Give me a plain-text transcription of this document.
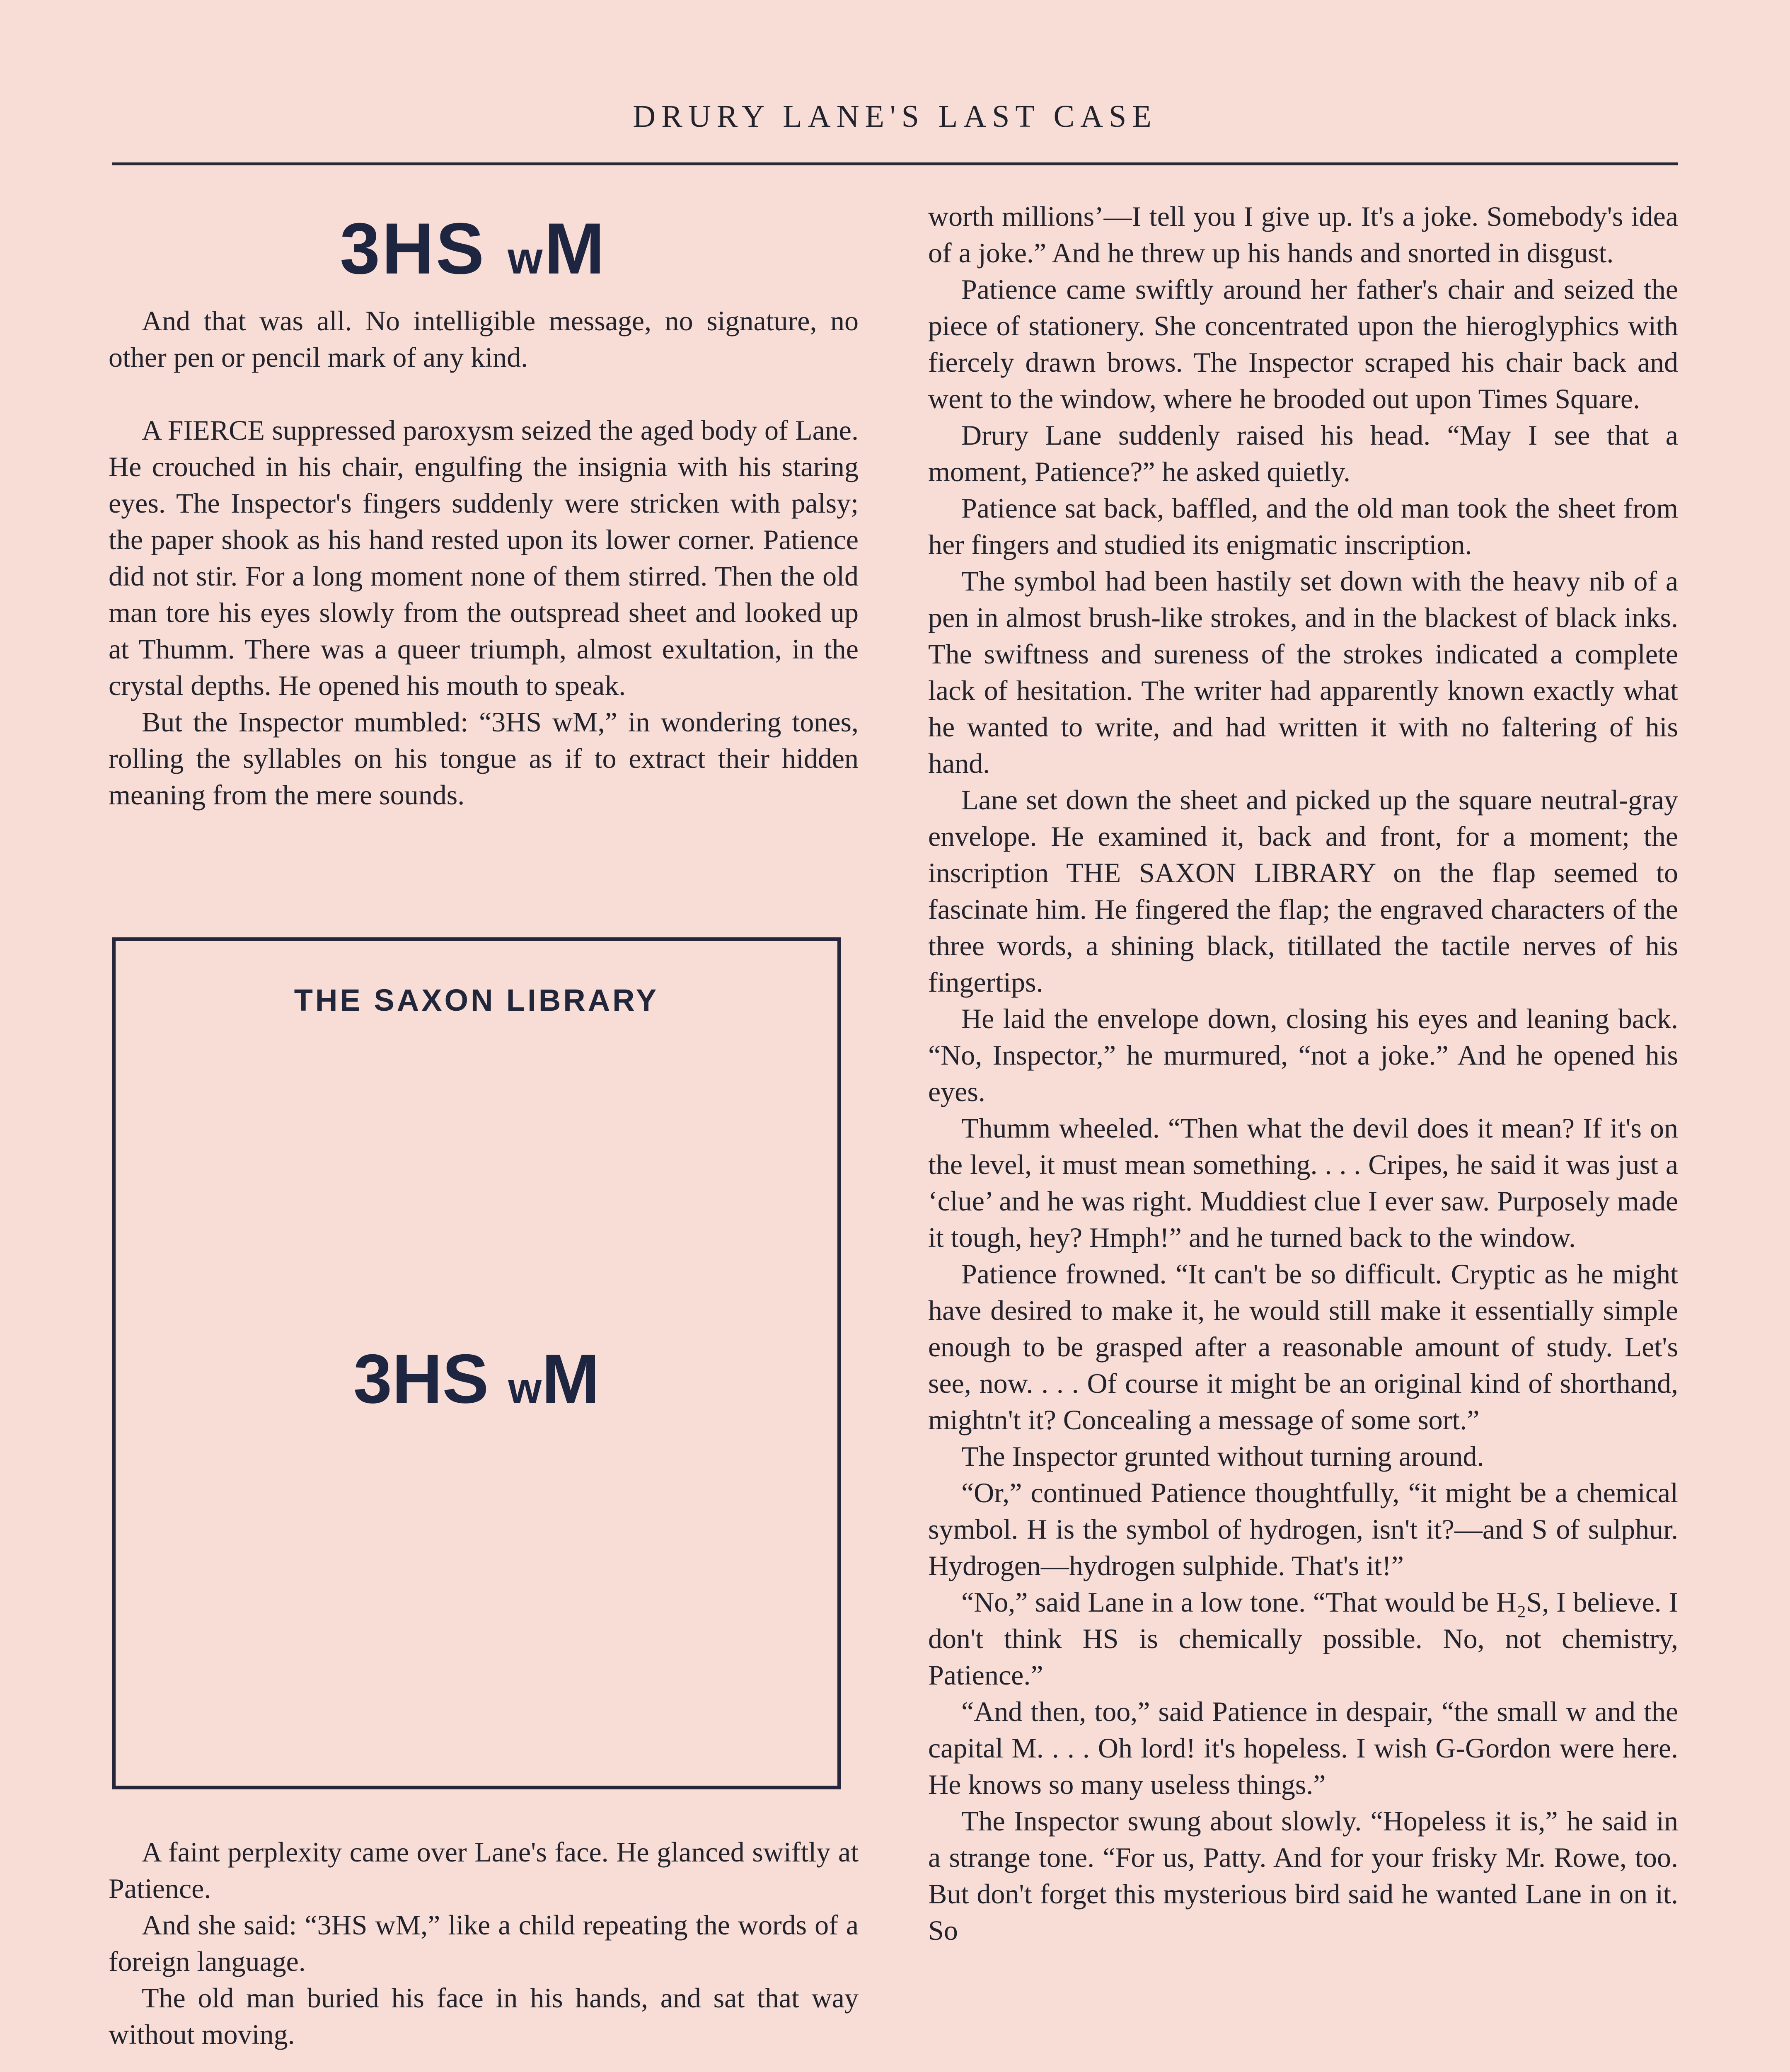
DRURY LANE'S LAST CASE
3HS wM

And that was all. No intelligible message, no signature, no other pen or pencil mark of any kind.

A FIERCE suppressed paroxysm seized the aged body of Lane. He crouched in his chair, engulfing the insignia with his staring eyes. The Inspector's fingers suddenly were stricken with palsy; the paper shook as his hand rested upon its lower corner. Patience did not stir. For a long moment none of them stirred. Then the old man tore his eyes slowly from the outspread sheet and looked up at Thumm. There was a queer triumph, almost exultation, in the crystal depths. He opened his mouth to speak.

But the Inspector mumbled: “3HS wM,” in wondering tones, rolling the syllables on his tongue as if to extract their hidden meaning from the mere sounds.

THE SAXON LIBRARY
3HS wM

A faint perplexity came over Lane's face. He glanced swiftly at Patience.

And she said: “3HS wM,” like a child repeating the words of a foreign language.

The old man buried his face in his hands, and sat that way without moving.

worth millions’—I tell you I give up. It's a joke. Somebody's idea of a joke.” And he threw up his hands and snorted in disgust.

Patience came swiftly around her father's chair and seized the piece of stationery. She concentrated upon the hieroglyphics with fiercely drawn brows. The Inspector scraped his chair back and went to the window, where he brooded out upon Times Square.

Drury Lane suddenly raised his head. “May I see that a moment, Patience?” he asked quietly.

Patience sat back, baffled, and the old man took the sheet from her fingers and studied its enigmatic inscription.

The symbol had been hastily set down with the heavy nib of a pen in almost brush-like strokes, and in the blackest of black inks. The swiftness and sureness of the strokes indicated a complete lack of hesitation. The writer had apparently known exactly what he wanted to write, and had written it with no faltering of his hand.

Lane set down the sheet and picked up the square neutral-gray envelope. He examined it, back and front, for a moment; the inscription THE SAXON LIBRARY on the flap seemed to fascinate him. He fingered the flap; the engraved characters of the three words, a shining black, titillated the tactile nerves of his fingertips.

He laid the envelope down, closing his eyes and leaning back. “No, Inspector,” he murmured, “not a joke.” And he opened his eyes.

Thumm wheeled. “Then what the devil does it mean? If it's on the level, it must mean something. . . . Cripes, he said it was just a ‘clue’ and he was right. Muddiest clue I ever saw. Purposely made it tough, hey? Hmph!” and he turned back to the window.

Patience frowned. “It can't be so difficult. Cryptic as he might have desired to make it, he would still make it essentially simple enough to be grasped after a reasonable amount of study. Let's see, now. . . . Of course it might be an original kind of shorthand, mightn't it? Concealing a message of some sort.”

The Inspector grunted without turning around.

“Or,” continued Patience thoughtfully, “it might be a chemical symbol. H is the symbol of hydrogen, isn't it?—and S of sulphur. Hydrogen—hydrogen sulphide. That's it!”

“No,” said Lane in a low tone. “That would be H₂S, I believe. I don't think HS is chemically possible. No, not chemistry, Patience.”

“And then, too,” said Patience in despair, “the small w and the capital M. . . . Oh lord! it's hopeless. I wish G-Gordon were here. He knows so many useless things.”

The Inspector swung about slowly. “Hopeless it is,” he said in a strange tone. “For us, Patty. And for your frisky Mr. Rowe, too. But don't forget this mysterious bird said he wanted Lane in on it. So
